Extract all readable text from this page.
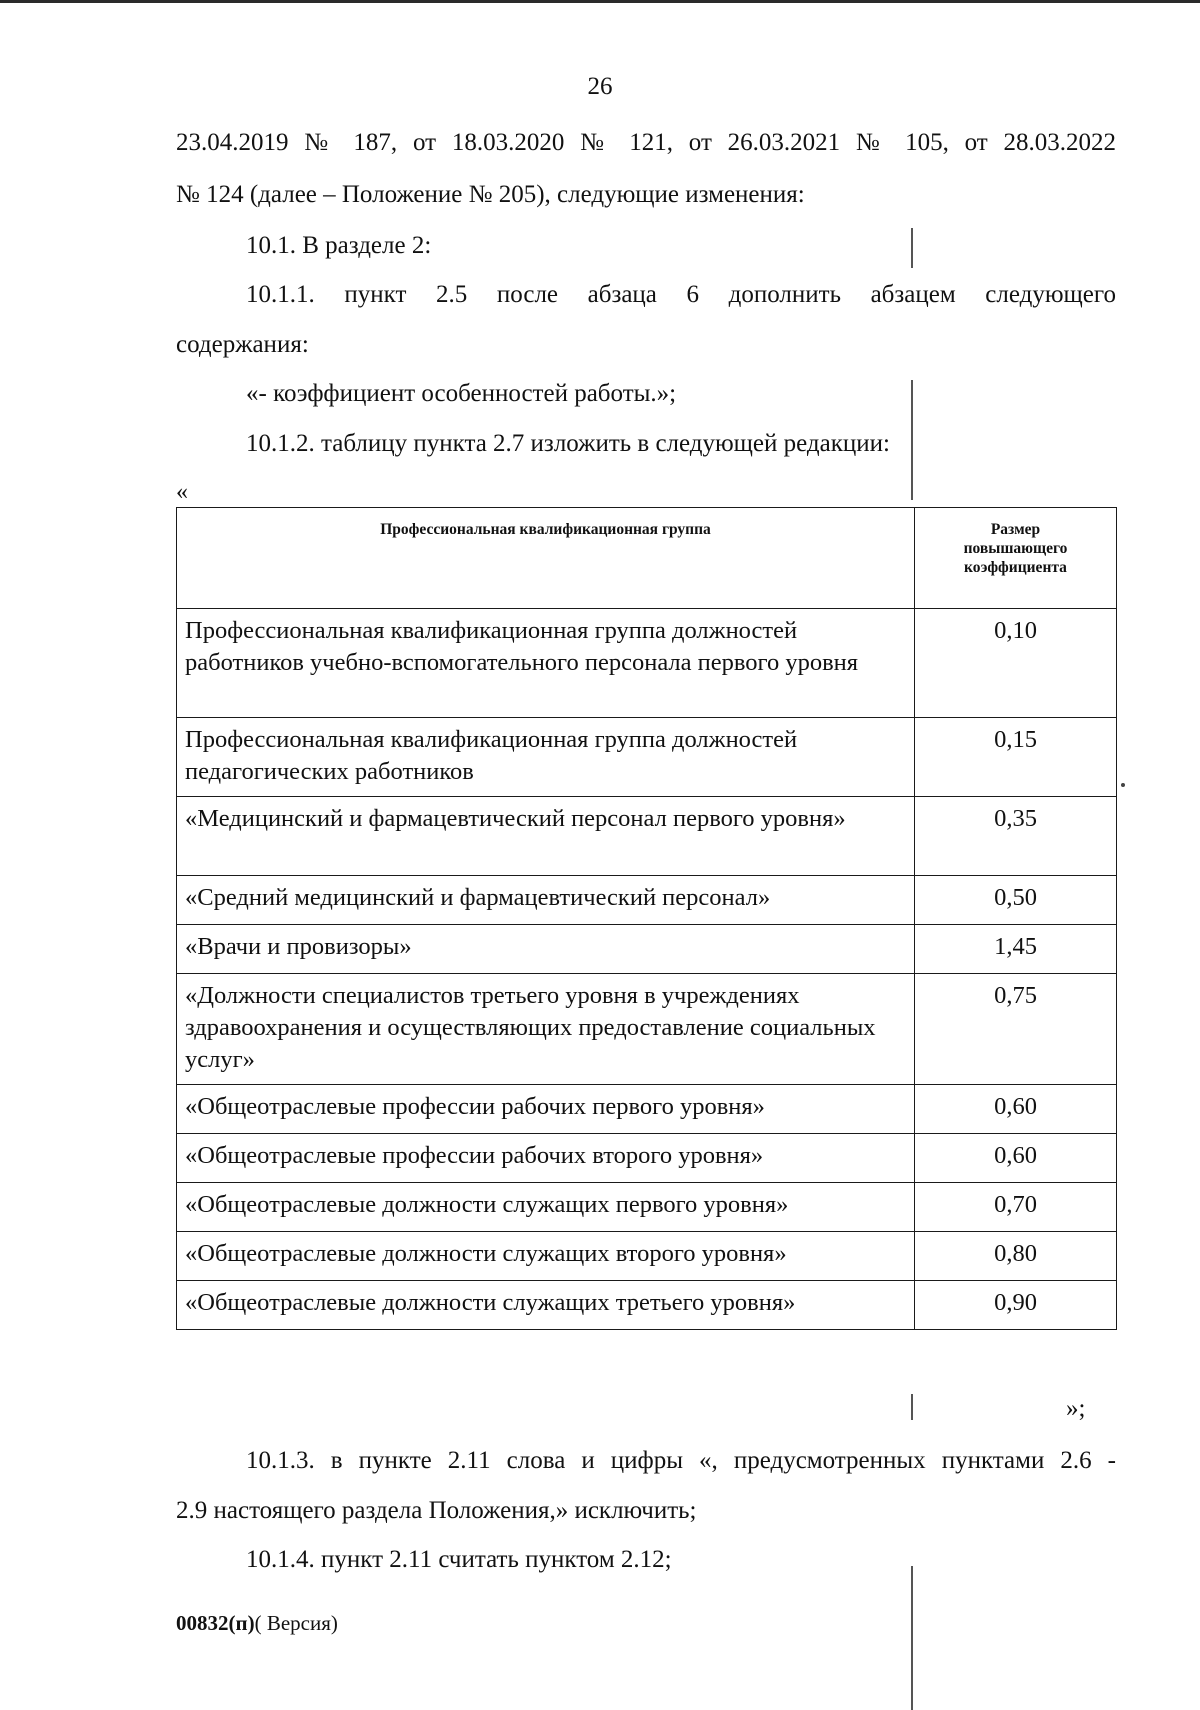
26
23.04.2019 № 187, от 18.03.2020 № 121, от 26.03.2021 № 105, от 28.03.2022
№ 124 (далее – Положение № 205), следующие изменения:
10.1. В разделе 2:
10.1.1. пункт 2.5 после абзаца 6 дополнить абзацем следующего
содержания:
«- коэффициент особенностей работы.»;
10.1.2. таблицу пункта 2.7 изложить в следующей редакции:
«
Профессиональная квалификационная группа	Размер
повышающего
коэффициента

Профессиональная квалификационная группа должностей работников учебно-вспомогательного персонала первого уровня	0,10
Профессиональная квалификационная группа должностей педагогических работников	0,15
«Медицинский и фармацевтический персонал первого уровня»	0,35
«Средний медицинский и фармацевтический персонал»	0,50
«Врачи и провизоры»	1,45
«Должности специалистов третьего уровня в учреждениях здравоохранения и осуществляющих предоставление социальных услуг»	0,75
«Общеотраслевые профессии рабочих первого уровня»	0,60
«Общеотраслевые профессии рабочих второго уровня»	0,60
«Общеотраслевые должности служащих первого уровня»	0,70
«Общеотраслевые должности служащих второго уровня»	0,80
«Общеотраслевые должности служащих третьего уровня»	0,90
»;
10.1.3. в пункте 2.11 слова и цифры «, предусмотренных пунктами 2.6 -
2.9 настоящего раздела Положения,» исключить;
10.1.4. пункт 2.11 считать пунктом 2.12;
00832(п)( Версия)
